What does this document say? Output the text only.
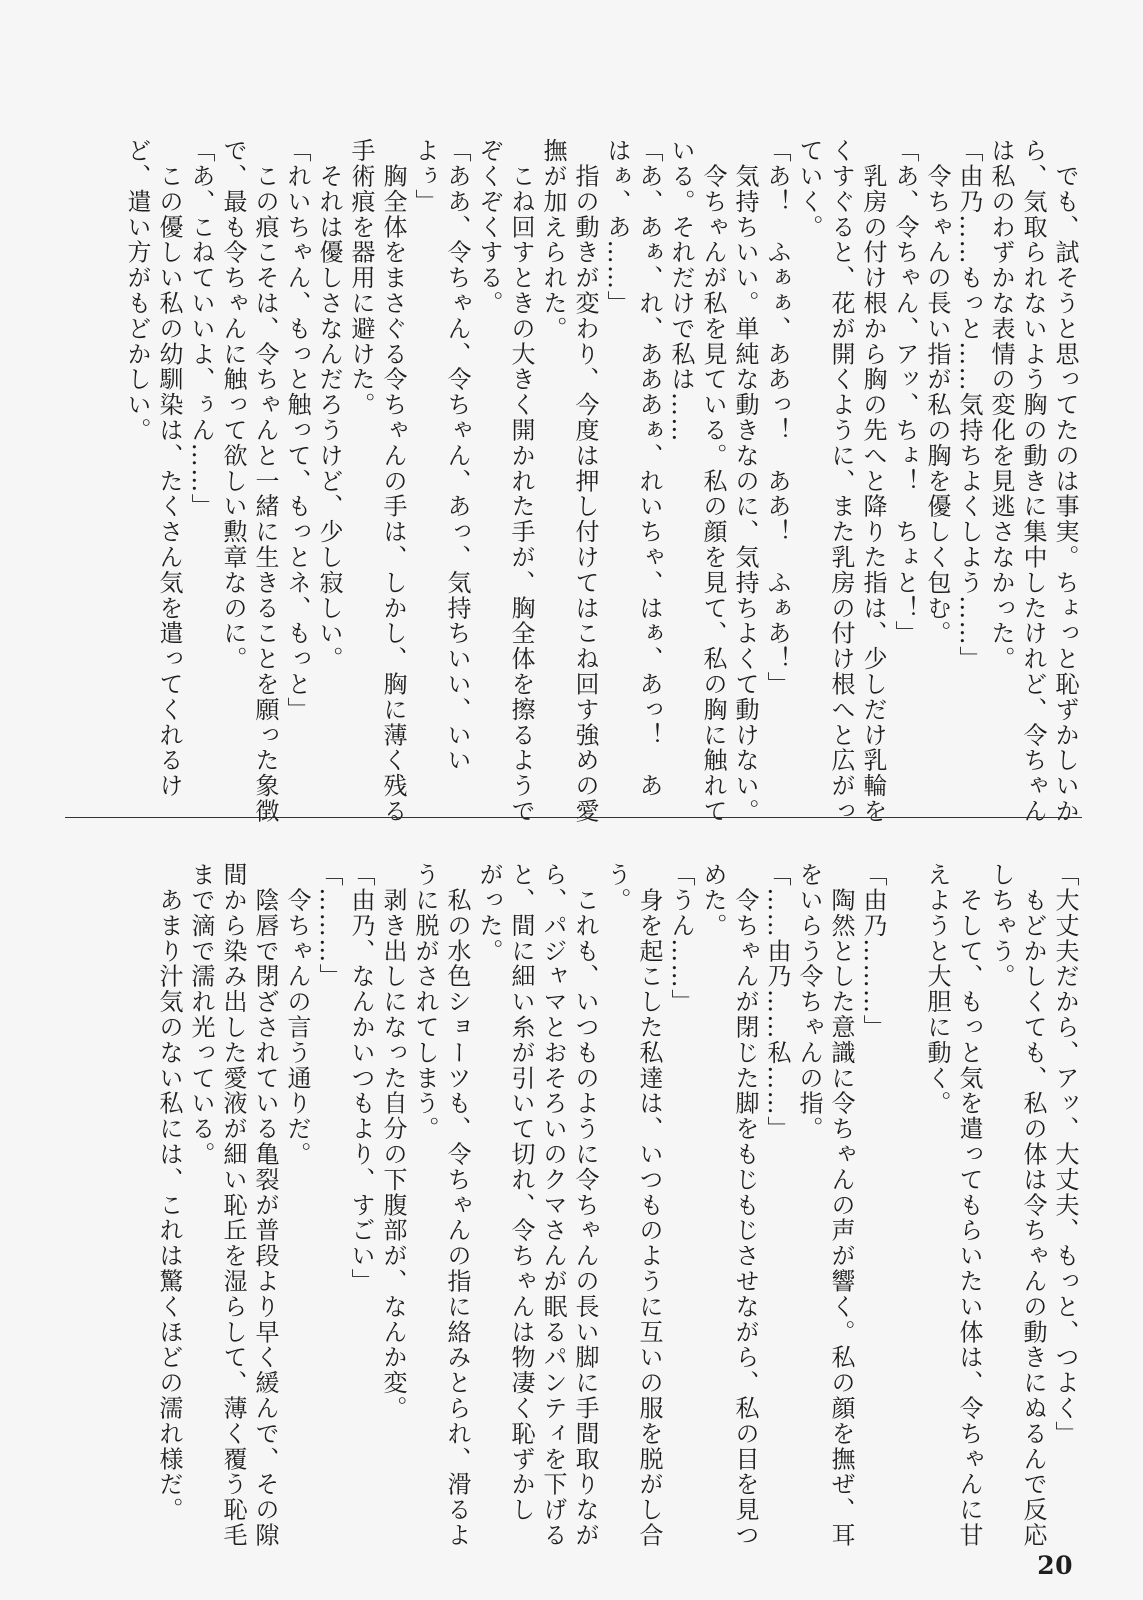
　でも、試そうと思ってたのは事実。ちょっと恥ずかしいか

ら、気取られないよう胸の動きに集中したけれど、令ちゃん

は私のわずかな表情の変化を見逃さなかった。

「由乃……もっと……気持ちよくしよう……」

　令ちゃんの長い指が私の胸を優しく包む。

「あ、令ちゃん、アッ、ちょ！　ちょと！」

　乳房の付け根から胸の先へと降りた指は、少しだけ乳輪を

くすぐると、花が開くように、また乳房の付け根へと広がっ

ていく。

「あ！　ふぁぁ、ああっ！　ああ！　ふぁあ！」

　気持ちいい。単純な動きなのに、気持ちよくて動けない。

　令ちゃんが私を見ている。私の顔を見て、私の胸に触れて

いる。それだけで私は……

「あ、あぁ、れ、あああぁ、れいちゃ、はぁ、あっ！　あ

はぁ、あ……」

　指の動きが変わり、今度は押し付けてはこね回す強めの愛

撫が加えられた。

　こね回すときの大きく開かれた手が、胸全体を擦るようで

ぞくぞくする。

「ああ、令ちゃん、令ちゃん、あっ、気持ちいい、いい

よぅ」

　胸全体をまさぐる令ちゃんの手は、しかし、胸に薄く残る

手術痕を器用に避けた。

　それは優しさなんだろうけど、少し寂しい。

「れいちゃん、もっと触って、もっとネ、もっと」

　この痕こそは、令ちゃんと一緒に生きることを願った象徴

で、最も令ちゃんに触って欲しい勲章なのに。

「あ、こねていいよ、ぅん……」

　この優しい私の幼馴染は、たくさん気を遣ってくれるけ

ど、遣い方がもどかしい。

「大丈夫だから、アッ、大丈夫、もっと、つよく」

　もどかしくても、私の体は令ちゃんの動きにぬるんで反応

しちゃう。

　そして、もっと気を遣ってもらいたい体は、令ちゃんに甘

えようと大胆に動く。

「由乃………」

　陶然とした意識に令ちゃんの声が響く。私の顔を撫ぜ、耳

をいらう令ちゃんの指。

「……由乃……私……」

　令ちゃんが閉じた脚をもじもじさせながら、私の目を見つ

めた。

「うん……」

　身を起こした私達は、いつものように互いの服を脱がし合

う。

　これも、いつものように令ちゃんの長い脚に手間取りなが

ら、パジャマとおそろいのクマさんが眠るパンティを下げる

と、間に細い糸が引いて切れ、令ちゃんは物凄く恥ずかし

がった。

　私の水色ショーツも、令ちゃんの指に絡みとられ、滑るよ

うに脱がされてしまう。

　剥き出しになった自分の下腹部が、なんか変。

「由乃、なんかいつもより、すごい」

「………」

　令ちゃんの言う通りだ。

　陰唇で閉ざされている亀裂が普段より早く緩んで、その隙

間から染み出した愛液が細い恥丘を湿らして、薄く覆う恥毛

まで滴で濡れ光っている。

　あまり汁気のない私には、これは驚くほどの濡れ様だ。

20
